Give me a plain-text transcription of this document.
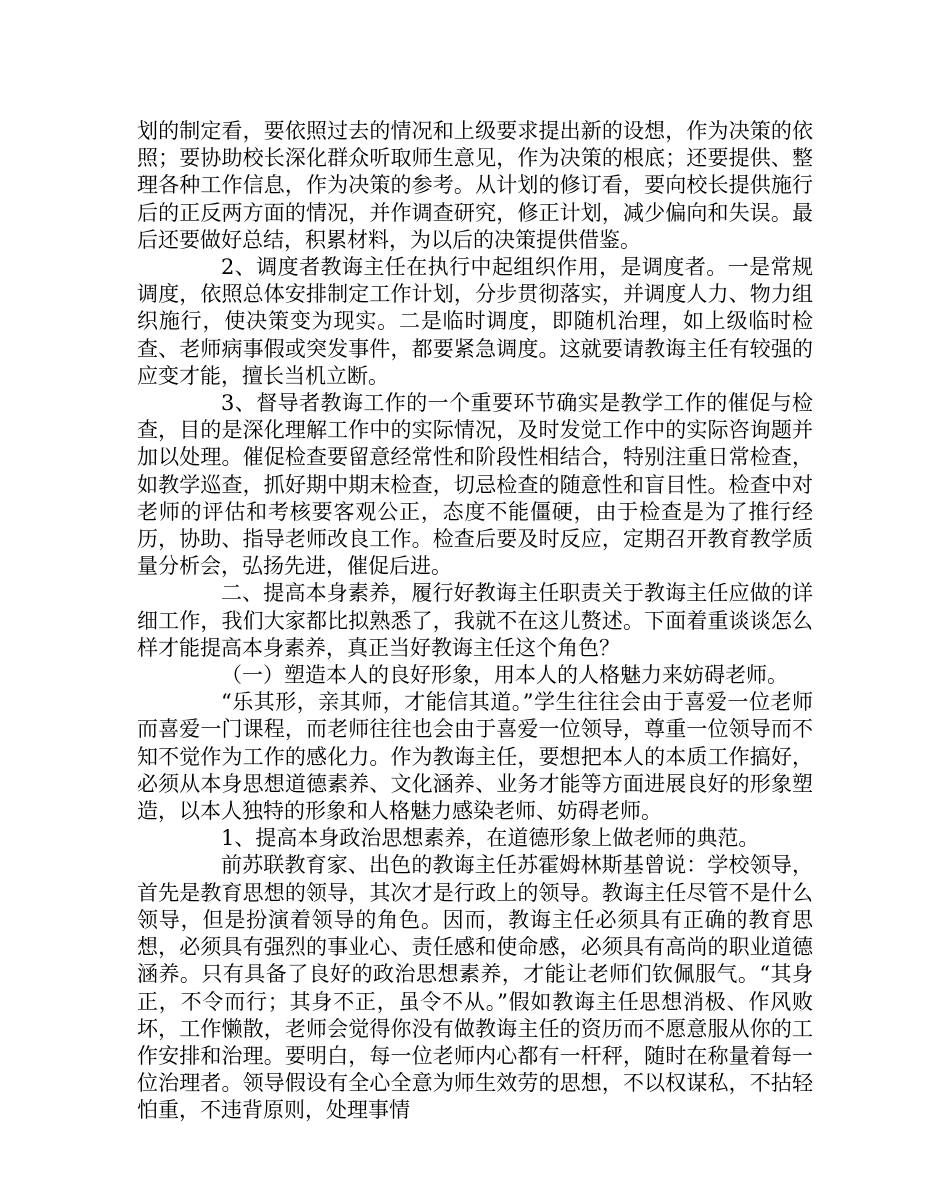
划的制定看，要依照过去的情况和上级要求提出新的设想，作为决策的依照；要协助校长深化群众听取师生意见，作为决策的根底；还要提供、整理各种工作信息，作为决策的参考。从计划的修订看，要向校长提供施行后的正反两方面的情况，并作调查研究，修正计划，减少偏向和失误。最后还要做好总结，积累材料，为以后的决策提供借鉴。

2、调度者教诲主任在执行中起组织作用，是调度者。一是常规调度，依照总体安排制定工作计划，分步贯彻落实，并调度人力、物力组织施行，使决策变为现实。二是临时调度，即随机治理，如上级临时检查、老师病事假或突发事件，都要紧急调度。这就要请教诲主任有较强的应变才能，擅长当机立断。

3、督导者教诲工作的一个重要环节确实是教学工作的催促与检查，目的是深化理解工作中的实际情况，及时发觉工作中的实际咨询题并加以处理。催促检查要留意经常性和阶段性相结合，特别注重日常检查，如教学巡查，抓好期中期末检查，切忌检查的随意性和盲目性。检查中对老师的评估和考核要客观公正，态度不能僵硬，由于检查是为了推行经历，协助、指导老师改良工作。检查后要及时反应，定期召开教育教学质量分析会，弘扬先进，催促后进。

二、提高本身素养，履行好教诲主任职责关于教诲主任应做的详细工作，我们大家都比拟熟悉了，我就不在这儿赘述。下面着重谈谈怎么样才能提高本身素养，真正当好教诲主任这个角色？

（一）塑造本人的良好形象，用本人的人格魅力来妨碍老师。

“乐其形，亲其师，才能信其道。”学生往往会由于喜爱一位老师而喜爱一门课程，而老师往往也会由于喜爱一位领导，尊重一位领导而不知不觉作为工作的感化力。作为教诲主任，要想把本人的本质工作搞好，必须从本身思想道德素养、文化涵养、业务才能等方面进展良好的形象塑造，以本人独特的形象和人格魅力感染老师、妨碍老师。

1、提高本身政治思想素养，在道德形象上做老师的典范。

前苏联教育家、出色的教诲主任苏霍姆林斯基曾说：学校领导，首先是教育思想的领导，其次才是行政上的领导。教诲主任尽管不是什么领导，但是扮演着领导的角色。因而，教诲主任必须具有正确的教育思想，必须具有强烈的事业心、责任感和使命感，必须具有高尚的职业道德涵养。只有具备了良好的政治思想素养，才能让老师们钦佩服气。“其身正，不令而行；其身不正，虽令不从。”假如教诲主任思想消极、作风败坏，工作懒散，老师会觉得你没有做教诲主任的资历而不愿意服从你的工作安排和治理。要明白，每一位老师内心都有一杆秤，随时在称量着每一位治理者。领导假设有全心全意为师生效劳的思想，不以权谋私，不拈轻怕重，不违背原则，处理事情
